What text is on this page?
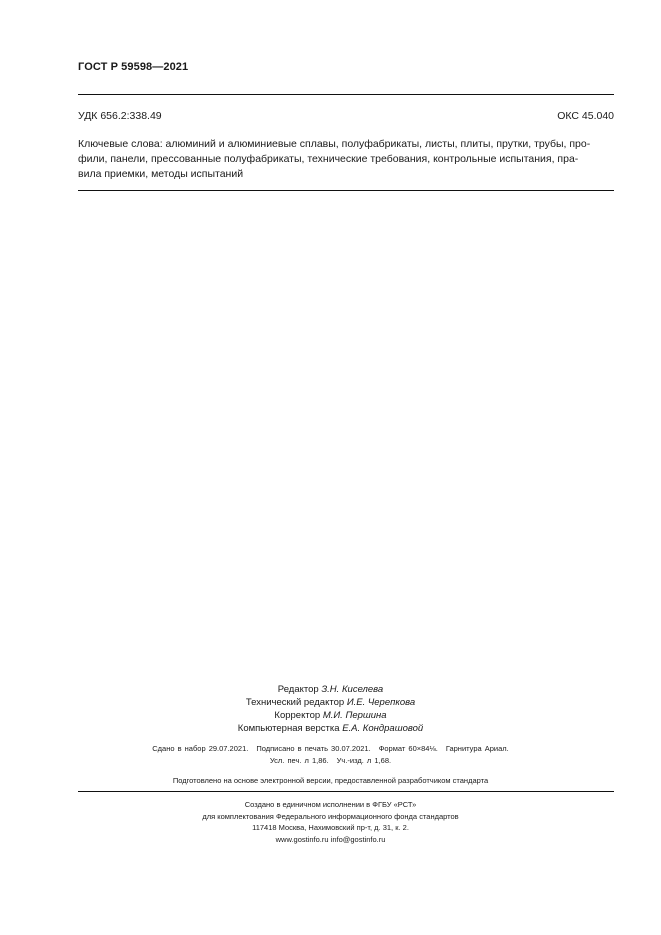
ГОСТ Р 59598—2021
УДК 656.2:338.49	ОКС 45.040
Ключевые слова: алюминий и алюминиевые сплавы, полуфабрикаты, листы, плиты, прутки, трубы, про-
фили, панели, прессованные полуфабрикаты, технические требования, контрольные испытания, пра-
вила приемки, методы испытаний
Редактор З.Н. Киселева
Технический редактор И.Е. Черепкова
Корректор М.И. Першина
Компьютерная верстка Е.А. Кондрашовой
Сдано в набор 29.07.2021. Подписано в печать 30.07.2021. Формат 60×84⅛. Гарнитура Ариал.
Усл. печ. л 1,86. Уч.-изд. л 1,68.
Подготовлено на основе электронной версии, предоставленной разработчиком стандарта
Создано в единичном исполнении в ФГБУ «РСТ»
для комплектования Федерального информационного фонда стандартов
117418 Москва, Нахимовский пр-т, д. 31, к. 2.
www.gostinfo.ru info@gostinfo.ru
